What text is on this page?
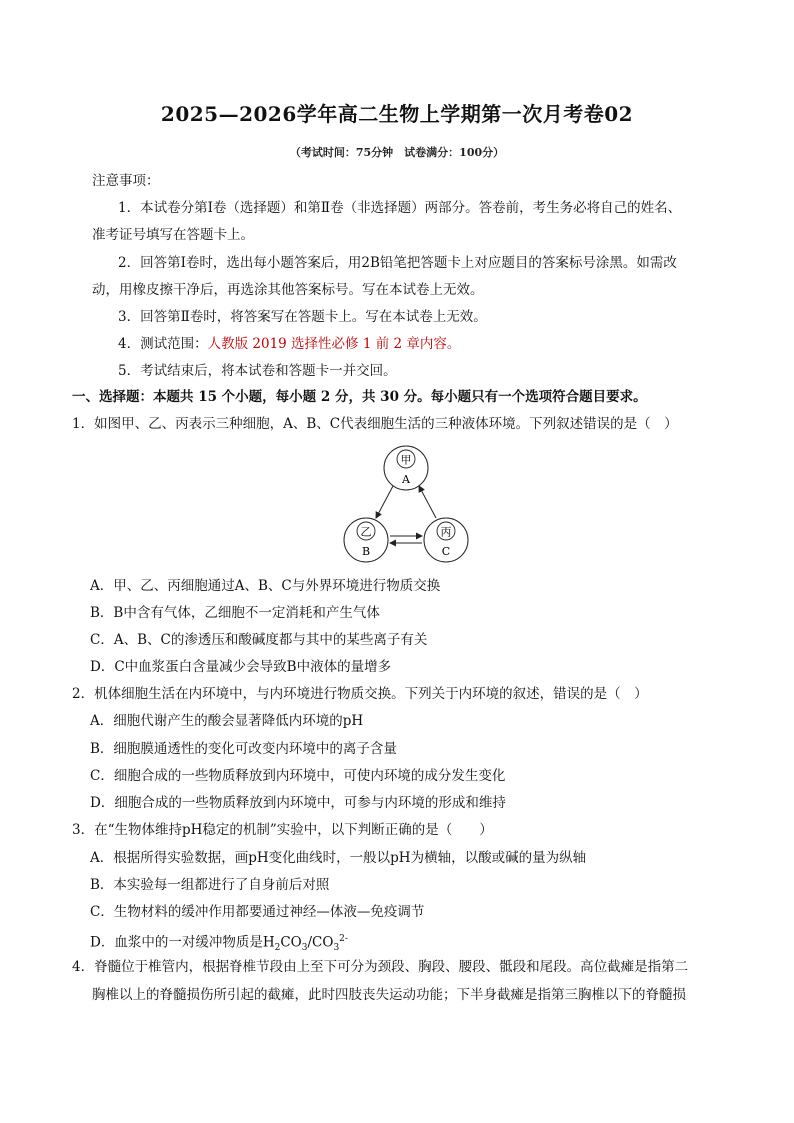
2025—2026学年高二生物上学期第一次月考卷02
（考试时间：75分钟　试卷满分：100分）
注意事项：
1．本试卷分第Ⅰ卷（选择题）和第Ⅱ卷（非选择题）两部分。答卷前，考生务必将自己的姓名、
准考证号填写在答题卡上。
2．回答第Ⅰ卷时，选出每小题答案后，用2B铅笔把答题卡上对应题目的答案标号涂黑。如需改
动，用橡皮擦干净后，再选涂其他答案标号。写在本试卷上无效。
3．回答第Ⅱ卷时，将答案写在答题卡上。写在本试卷上无效。
4．测试范围：人教版 2019 选择性必修 1 前 2 章内容。
5．考试结束后，将本试卷和答题卡一并交回。
一、选择题：本题共 15 个小题，每小题 2 分，共 30 分。每小题只有一个选项符合题目要求。
1．如图甲、乙、丙表示三种细胞，A、B、C代表细胞生活的三种液体环境。下列叙述错误的是（　）
甲
A
乙
B
丙
C
A．甲、乙、丙细胞通过A、B、C与外界环境进行物质交换
B．B中含有气体，乙细胞不一定消耗和产生气体
C．A、B、C的渗透压和酸碱度都与其中的某些离子有关
D．C中血浆蛋白含量减少会导致B中液体的量增多
2．机体细胞生活在内环境中，与内环境进行物质交换。下列关于内环境的叙述，错误的是（　）
A．细胞代谢产生的酸会显著降低内环境的pH
B．细胞膜通透性的变化可改变内环境中的离子含量
C．细胞合成的一些物质释放到内环境中，可使内环境的成分发生变化
D．细胞合成的一些物质释放到内环境中，可参与内环境的形成和维持
3．在“生物体维持pH稳定的机制”实验中，以下判断正确的是（　　）
A．根据所得实验数据，画pH变化曲线时，一般以pH为横轴，以酸或碱的量为纵轴
B．本实验每一组都进行了自身前后对照
C．生物材料的缓冲作用都要通过神经—体液—免疫调节
D．血浆中的一对缓冲物质是$H_2CO_3/CO_3^{2-}$
4．脊髓位于椎管内，根据脊椎节段由上至下可分为颈段、胸段、腰段、骶段和尾段。高位截瘫是指第二
胸椎以上的脊髓损伤所引起的截瘫，此时四肢丧失运动功能；下半身截瘫是指第三胸椎以下的脊髓损
